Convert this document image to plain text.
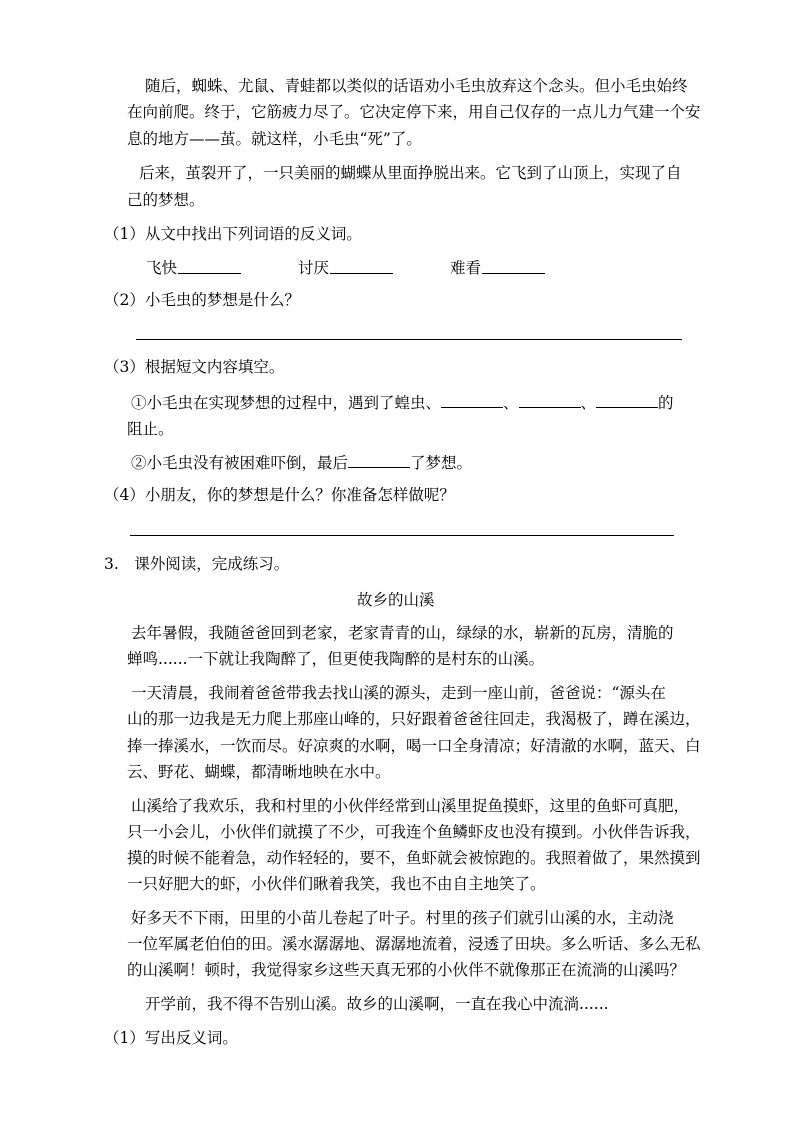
随后，蜘蛛、尤鼠、青蛙都以类似的话语劝小毛虫放弃这个念头。但小毛虫始终
在向前爬。终于，它筋疲力尽了。它决定停下来，用自己仅存的一点儿力气建一个安
息的地方——茧。就这样，小毛虫“死”了。
后来，茧裂开了，一只美丽的蝴蝶从里面挣脱出来。它飞到了山顶上，实现了自
己的梦想。
（1）从文中找出下列词语的反义词。
飞快	讨厌	难看
（2）小毛虫的梦想是什么？
（3）根据短文内容填空。
①小毛虫在实现梦想的过程中，遇到了蝗虫、	、	、	的
阻止。
②小毛虫没有被困难吓倒，最后	了梦想。
（4）小朋友，你的梦想是什么？你准备怎样做呢？
3.　课外阅读，完成练习。
故乡的山溪
去年暑假，我随爸爸回到老家，老家青青的山，绿绿的水，崭新的瓦房，清脆的
蝉鸣......一下就让我陶醉了，但更使我陶醉的是村东的山溪。
一天清晨，我闹着爸爸带我去找山溪的源头，走到一座山前，爸爸说：“源头在
山的那一边我是无力爬上那座山峰的，只好跟着爸爸往回走，我渴极了，蹲在溪边，
捧一捧溪水，一饮而尽。好凉爽的水啊，喝一口全身清凉；好清澈的水啊，蓝天、白
云、野花、蝴蝶，都清晰地映在水中。
山溪给了我欢乐，我和村里的小伙伴经常到山溪里捉鱼摸虾，这里的鱼虾可真肥，
只一小会儿，小伙伴们就摸了不少，可我连个鱼鳞虾皮也没有摸到。小伙伴告诉我，
摸的时候不能着急，动作轻轻的，要不，鱼虾就会被惊跑的。我照着做了，果然摸到
一只好肥大的虾，小伙伴们瞅着我笑，我也不由自主地笑了。
好多天不下雨，田里的小苗儿卷起了叶子。村里的孩子们就引山溪的水，主动浇
一位军属老伯伯的田。溪水潺潺地、潺潺地流着，浸透了田块。多么听话、多么无私
的山溪啊！顿时，我觉得家乡这些天真无邪的小伙伴不就像那正在流淌的山溪吗？
开学前，我不得不告别山溪。故乡的山溪啊，一直在我心中流淌......
（1）写出反义词。
